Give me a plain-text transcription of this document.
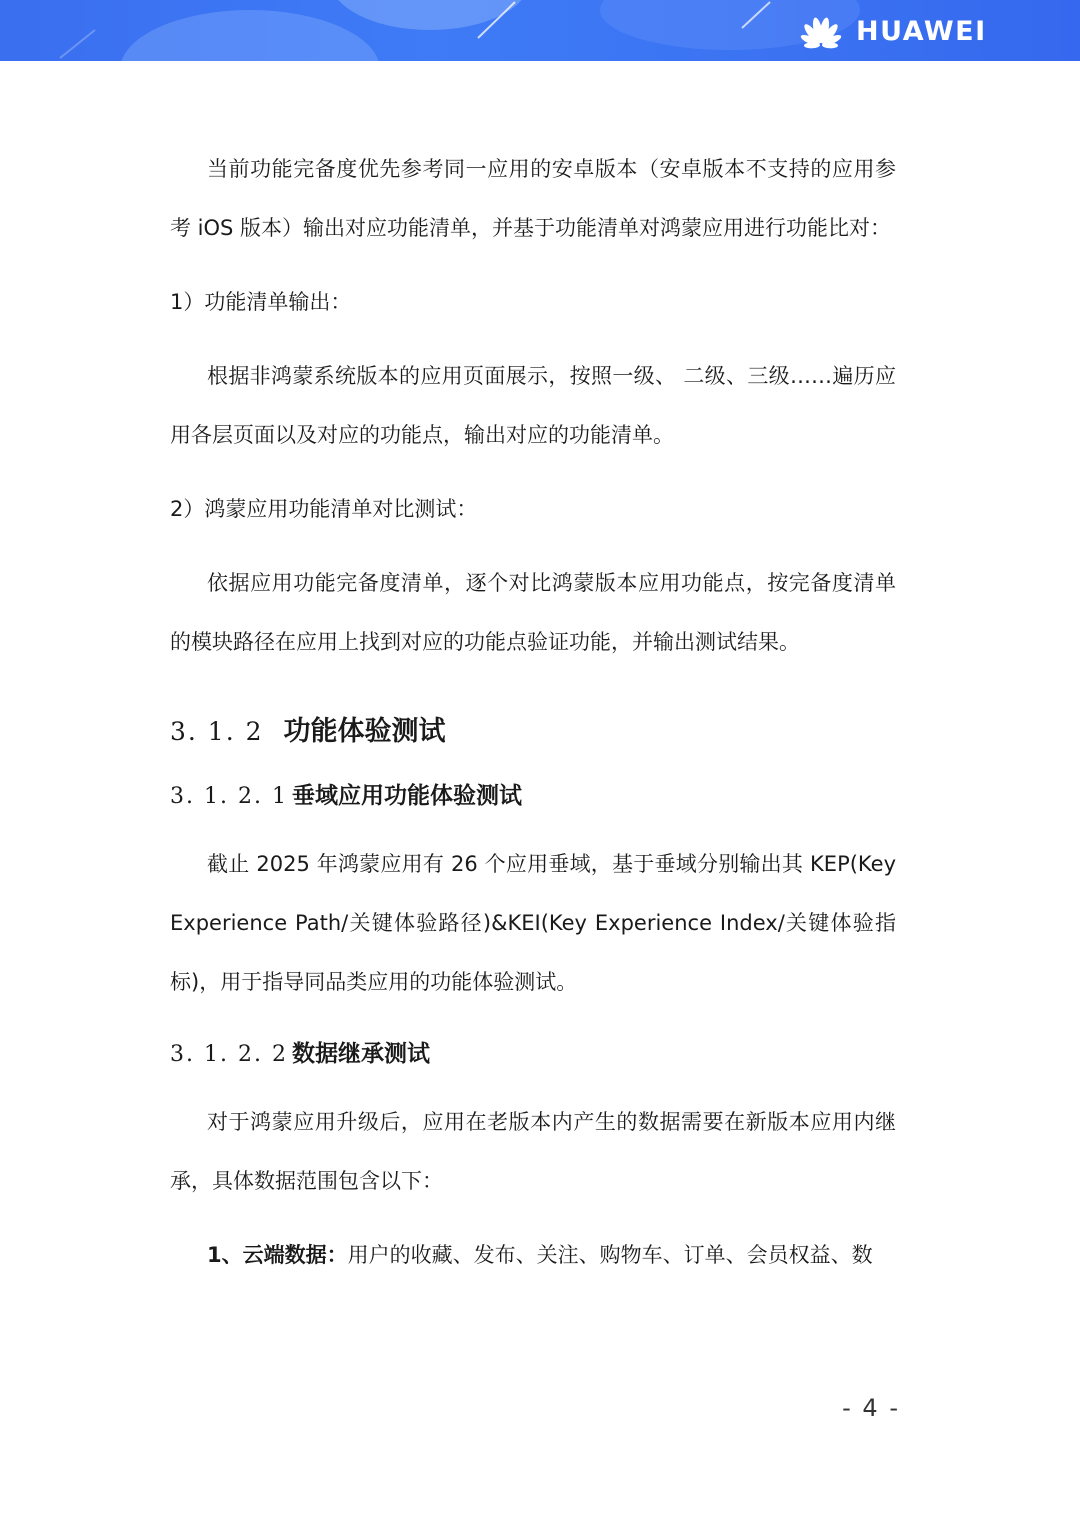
HUAWEI

当前功能完备度优先参考同一应用的安卓版本（安卓版本不支持的应用参考 iOS 版本）输出对应功能清单，并基于功能清单对鸿蒙应用进行功能比对：

1）功能清单输出：

根据非鸿蒙系统版本的应用页面展示，按照一级、 二级、三级……遍历应用各层页面以及对应的功能点，输出对应的功能清单。

2）鸿蒙应用功能清单对比测试：

依据应用功能完备度清单，逐个对比鸿蒙版本应用功能点，按完备度清单的模块路径在应用上找到对应的功能点验证功能，并输出测试结果。

3. 1. 2 功能体验测试
3. 1. 2. 1 垂域应用功能体验测试

截止 2025 年鸿蒙应用有 26 个应用垂域，基于垂域分别输出其 KEP(Key Experience Path/关键体验路径)&KEI(Key Experience Index/关键体验指标)，用于指导同品类应用的功能体验测试。

3. 1. 2. 2 数据继承测试

对于鸿蒙应用升级后，应用在老版本内产生的数据需要在新版本应用内继承，具体数据范围包含以下：

1、云端数据：用户的收藏、发布、关注、购物车、订单、会员权益、数

- 4 -
